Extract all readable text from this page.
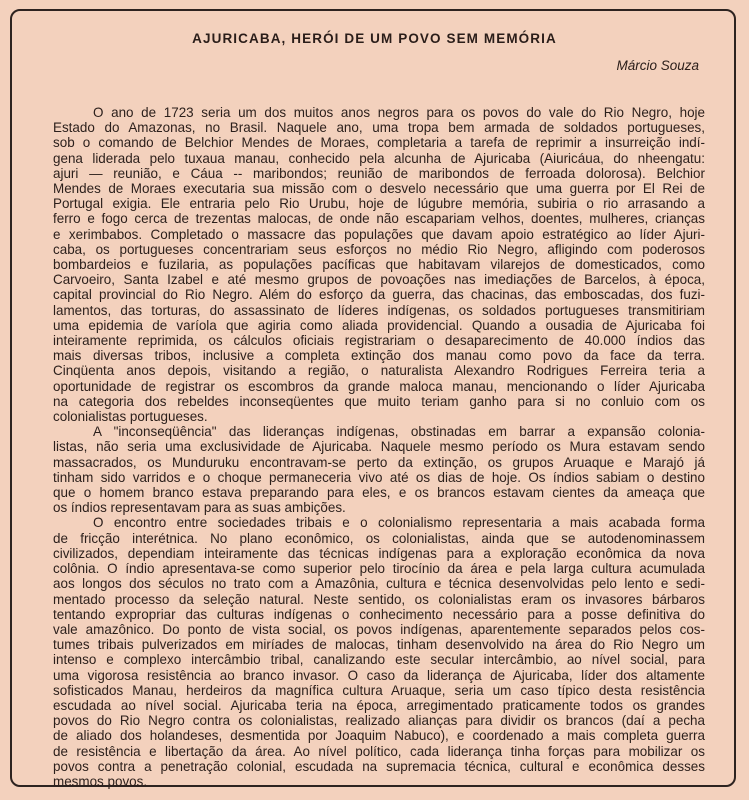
AJURICABA, HERÓI DE UM POVO SEM MEMÓRIA
Márcio Souza
O ano de 1723 seria um dos muitos anos negros para os povos do vale do Rio Negro, hoje
Estado do Amazonas, no Brasil. Naquele ano, uma tropa bem armada de soldados portugueses,
sob o comando de Belchior Mendes de Moraes, completaria a tarefa de reprimir a insurreição indí-
gena liderada pelo tuxaua manau, conhecido pela alcunha de Ajuricaba (Aiuricáua, do nheengatu:
ajuri — reunião, e Cáua -- maribondos; reunião de maribondos de ferroada dolorosa). Belchior
Mendes de Moraes executaria sua missão com o desvelo necessário que uma guerra por El Rei de
Portugal exigia. Ele entraria pelo Rio Urubu, hoje de lúgubre memória, subiria o rio arrasando a
ferro e fogo cerca de trezentas malocas, de onde não escapariam velhos, doentes, mulheres, crianças
e xerimbabos. Completado o massacre das populações que davam apoio estratégico ao líder Ajuri-
caba, os portugueses concentrariam seus esforços no médio Rio Negro, afligindo com poderosos
bombardeios e fuzilaria, as populações pacíficas que habitavam vilarejos de domesticados, como
Carvoeiro, Santa Izabel e até mesmo grupos de povoações nas imediações de Barcelos, à época,
capital provincial do Rio Negro. Além do esforço da guerra, das chacinas, das emboscadas, dos fuzi-
lamentos, das torturas, do assassinato de líderes indígenas, os soldados portugueses transmitiriam
uma epidemia de varíola que agiria como aliada providencial. Quando a ousadia de Ajuricaba foi
inteiramente reprimida, os cálculos oficiais registrariam o desaparecimento de 40.000 índios das
mais diversas tribos, inclusive a completa extinção dos manau como povo da face da terra.
Cinqüenta anos depois, visitando a região, o naturalista Alexandro Rodrigues Ferreira teria a
oportunidade de registrar os escombros da grande maloca manau, mencionando o líder Ajuricaba
na categoria dos rebeldes inconseqüentes que muito teriam ganho para si no conluio com os
colonialistas portugueses.
A "inconseqüência" das lideranças indígenas, obstinadas em barrar a expansão coloniа-
listas, não seria uma exclusividade de Ajuricaba. Naquele mesmo período os Mura estavam sendo
massacrados, os Munduruku encontravam-se perto da extinção, os grupos Aruaque e Marajó já
tinham sido varridos e o choque permaneceria vivo até os dias de hoje. Os índios sabiam o destino
que o homem branco estava preparando para eles, e os brancos estavam cientes da ameaça que
os índios representavam para as suas ambições.
O encontro entre sociedades tribais e o colonialismo representaria a mais acabada forma
de fricção interétnica. No plano econômico, os colonialistas, ainda que se autodenominassem
civilizados, dependiam inteiramente das técnicas indígenas para a exploração econômica da nova
colônia. O índio apresentava-se como superior pelo tirocínio da área e pela larga cultura acumulada
aos longos dos séculos no trato com a Amazônia, cultura e técnica desenvolvidas pelo lento e sedi-
mentado processo da seleção natural. Neste sentido, os colonialistas eram os invasores bárbaros
tentando expropriar das culturas indígenas o conhecimento necessário para a posse definitiva do
vale amazônico. Do ponto de vista social, os povos indígenas, aparentemente separados pelos cos-
tumes tribais pulverizados em miríades de malocas, tinham desenvolvido na área do Rio Negro um
intenso e complexo intercâmbio tribal, canalizando este secular intercâmbio, ao nível social, para
uma vigorosa resistência ao branco invasor. O caso da liderança de Ajuricaba, líder dos altamente
sofisticados Manau, herdeiros da magnífica cultura Aruaque, seria um caso típico desta resistência
escudada ao nível social. Ajuricaba teria na época, arregimentado praticamente todos os grandes
povos do Rio Negro contra os colonialistas, realizado alianças para dividir os brancos (daí a pecha
de aliado dos holandeses, desmentida por Joaquim Nabuco), e coordenado a mais completa guerra
de resistência e libertação da área. Ao nível político, cada liderança tinha forças para mobilizar os
povos contra a penetração colonial, escudada na supremacia técnica, cultural e econômica desses
mesmos povos.
